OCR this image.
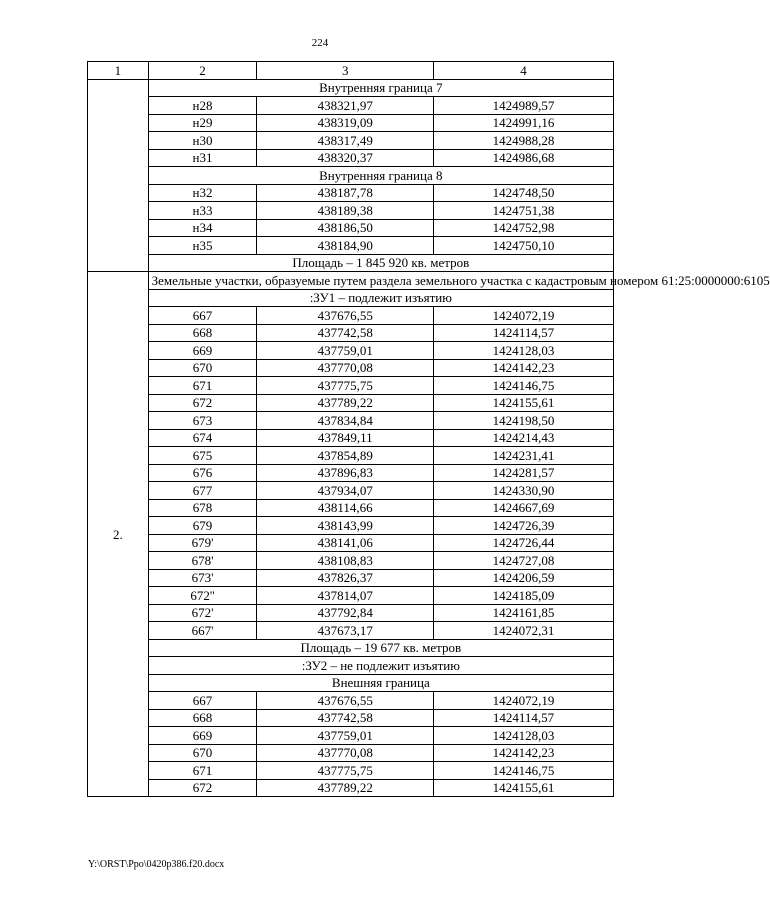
224
1	2	3	4
	Внутренняя граница 7		
	н28	438321,97	1424989,57
	н29	438319,09	1424991,16
	н30	438317,49	1424988,28
	н31	438320,37	1424986,68
	Внутренняя граница 8		
	н32	438187,78	1424748,50
	н33	438189,38	1424751,38
	н34	438186,50	1424752,98
	н35	438184,90	1424750,10
	Площадь – 1 845 920 кв. метров		
2.	Земельные участки, образуемые путем раздела земельного участка с кадастровым номером 61:25:0000000:6105		
	:ЗУ1 – подлежит изъятию		
	667	437676,55	1424072,19
	668	437742,58	1424114,57
	669	437759,01	1424128,03
	670	437770,08	1424142,23
	671	437775,75	1424146,75
	672	437789,22	1424155,61
	673	437834,84	1424198,50
	674	437849,11	1424214,43
	675	437854,89	1424231,41
	676	437896,83	1424281,57
	677	437934,07	1424330,90
	678	438114,66	1424667,69
	679	438143,99	1424726,39
	679'	438141,06	1424726,44
	678'	438108,83	1424727,08
	673'	437826,37	1424206,59
	672''	437814,07	1424185,09
	672'	437792,84	1424161,85
	667'	437673,17	1424072,31
	Площадь – 19 677 кв. метров		
	:ЗУ2 – не подлежит изъятию		
	Внешняя граница		
	667	437676,55	1424072,19
	668	437742,58	1424114,57
	669	437759,01	1424128,03
	670	437770,08	1424142,23
	671	437775,75	1424146,75
	672	437789,22	1424155,61
Y:\ORST\Ppo\0420p386.f20.docx
